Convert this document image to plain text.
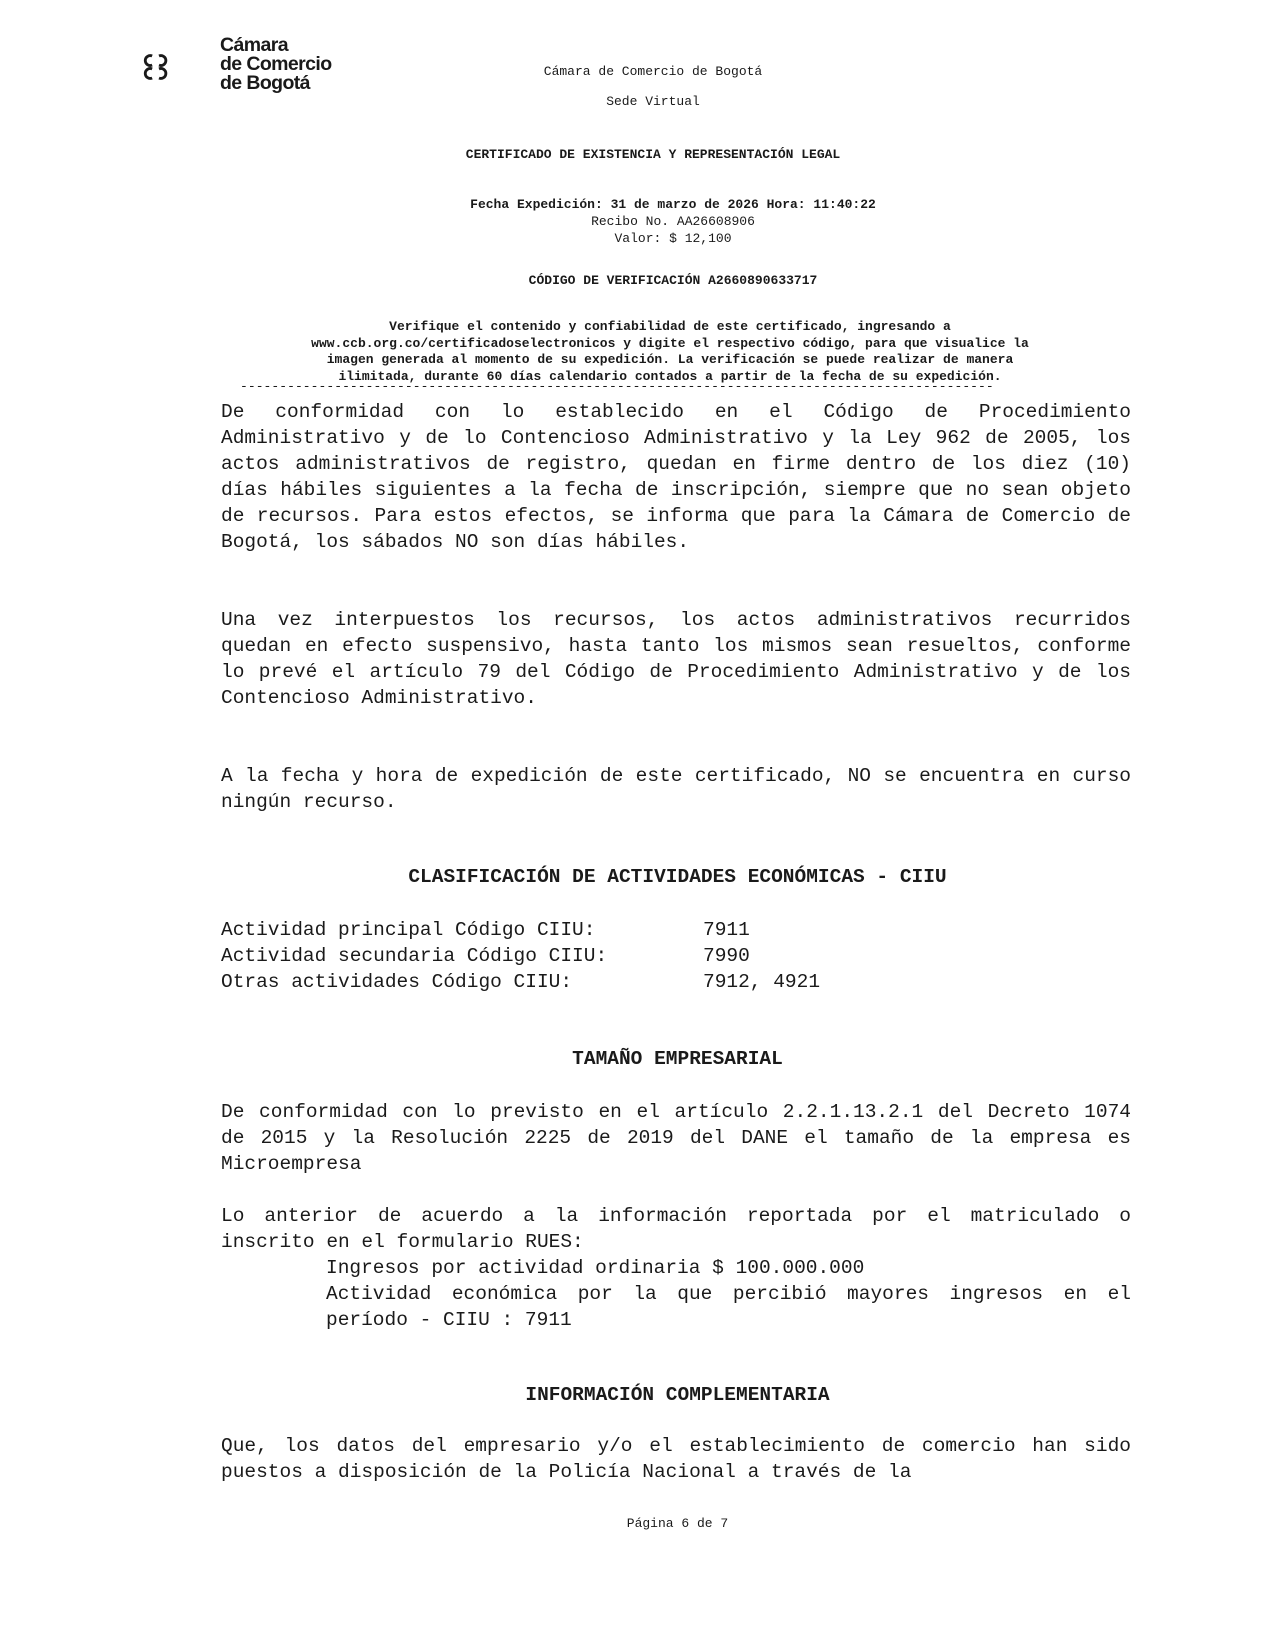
Cámara
de Comercio
de Bogotá
Cámara de Comercio de Bogotá
Sede Virtual
CERTIFICADO DE EXISTENCIA Y REPRESENTACIÓN LEGAL
Fecha Expedición: 31 de marzo de 2026 Hora: 11:40:22
Recibo No. AA26608906
Valor: $ 12,100
CÓDIGO DE VERIFICACIÓN A2660890633717
Verifique el contenido y confiabilidad de este certificado, ingresando a
www.ccb.org.co/certificadoselectronicos y digite el respectivo código, para que visualice la
imagen generada al momento de su expedición. La verificación se puede realizar de manera
ilimitada, durante 60 días calendario contados a partir de la fecha de su expedición.
------------------------------------------------------------------------------------------------

De conformidad con lo establecido en el Código de Procedimiento Administrativo y de lo Contencioso Administrativo y la Ley 962 de 2005, los actos administrativos de registro, quedan en firme dentro de los diez (10) días hábiles siguientes a la fecha de inscripción, siempre que no sean objeto de recursos. Para estos efectos, se informa que para la Cámara de Comercio de Bogotá, los sábados NO son días hábiles.

Una vez interpuestos los recursos, los actos administrativos recurridos quedan en efecto suspensivo, hasta tanto los mismos sean resueltos, conforme lo prevé el artículo 79 del Código de Procedimiento Administrativo y de los Contencioso Administrativo.

A la fecha y hora de expedición de este certificado, NO se encuentra en curso ningún recurso.

CLASIFICACIÓN DE ACTIVIDADES ECONÓMICAS - CIIU
Actividad principal Código CIIU:	7911
Actividad secundaria Código CIIU:	7990
Otras actividades Código CIIU:	7912, 4921
TAMAÑO EMPRESARIAL

De conformidad con lo previsto en el artículo 2.2.1.13.2.1 del Decreto 1074 de 2015 y la Resolución 2225 de 2019 del DANE el tamaño de la empresa es Microempresa

Lo anterior de acuerdo a la información reportada por el matriculado o inscrito en el formulario RUES:

Ingresos por actividad ordinaria $ 100.000.000
Actividad económica por la que percibió mayores ingresos en el período - CIIU : 7911
INFORMACIÓN COMPLEMENTARIA

Que, los datos del empresario y/o el establecimiento de comercio han sido puestos a disposición de la Policía Nacional a través de la

Página 6 de 7
